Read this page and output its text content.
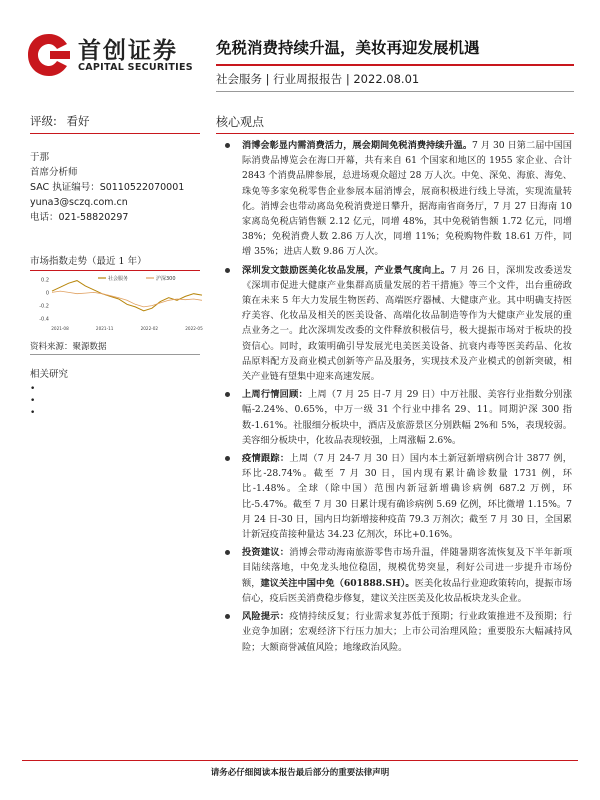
首创证券
CAPITAL SECURITIES
免税消费持续升温，美妆再迎发展机遇
社会服务 | 行业周报报告 | 2022.08.01
评级: 看好
于那
首席分析师
SAC 执证编号：S0110522070001
yuna3@sczq.com.cn
电话：021-58820297
市场指数走势（最近 1 年）
0.2
0
-0.2
-0.4
2021-08	2021-11	2022-02	2022-05
社会服务	沪深300
资料来源：聚源数据
相关研究
•
•
•
核心观点
消博会彰显内需消费活力，展会期间免税消费持续升温。7 月 30 日第二届中国国际消费品博览会在海口开幕，共有来自 61 个国家和地区的 1955 家企业、合计 2843 个消费品牌参展，总进场观众超过 28 万人次。中免、深免、海旅、海免、珠免等多家免税零售企业参展本届消博会，展商积极进行线上导流，实现流量转化。消博会也带动离岛免税消费逆日攀升，据海南省商务厅，7 月 27 日海南 10 家离岛免税店销售额 2.12 亿元，同增 48%，其中免税销售额 1.72 亿元，同增 38%；免税消费人数 2.86 万人次，同增 11%；免税购物件数 18.61 万件，同增 35%；进店人数 9.86 万人次。
深圳发文鼓励医美化妆品发展，产业景气度向上。7 月 26 日，深圳发改委送发《深圳市促进大健康产业集群高质量发展的若干措施》等三个文件，出台重磅政策在未来 5 年大力发展生物医药、高端医疗器械、大健康产业。其中明确支持医疗美容、化妆品及相关的医美设备、高端化妆品制造等作为大健康产业发展的重点业务之一。此次深圳发改委的文件释放积极信号，极大提振市场对于板块的投资信心。同时，政策明确引导发展光电美医美设备、抗衰内毒等医美药品、化妆品原料配方及商业模式创新等产品及服务，实现技术及产业模式的创新突破，相关产业链有望集中迎来高速发展。
上周行情回顾：上周（7 月 25 日-7 月 29 日）中万社服、美容行业指数分别涨幅-2.24%、0.65%，中万一级 31 个行业中排名 29、11。同期沪深 300 指数-1.61%。社服细分板块中，酒店及旅游景区分别跌幅 2%和 5%，表现较弱。美容细分板块中，化妆品表现较强，上周涨幅 2.6%。
疫情跟踪：上周（7 月 24-7 月 30 日）国内本土新冠新增病例合计 3877 例，环比-28.74%。截至 7 月 30 日，国内现有累计确诊数量 1731 例，环比-1.48%。全球（除中国）范围内新冠新增确诊病例 687.2 万例，环比-5.47%。截至 7 月 30 日累计现有确诊病例 5.69 亿例，环比微增 1.15%。7 月 24 日-30 日，国内日均新增接种疫苗 79.3 万剂次；截至 7 月 30 日，全国累计新冠疫苗接种量达 34.23 亿剂次，环比+0.16%。
投资建议：消博会带动海南旅游零售市场升温，伴随暑期客流恢复及下半年新项目陆续落地，中免龙头地位稳固，规模优势突显，利好公司进一步提升市场份额，建议关注中国中免（601888.SH）。医美化妆品行业迎政策转向，提振市场信心，疫后医美消费稳步修复，建议关注医美及化妆品板块龙头企业。
风险提示：疫情持续反复；行业需求复苏低于预期；行业政策推进不及预期；行业竞争加剧；宏观经济下行压力加大；上市公司治理风险；重要股东大幅减持风险；大额商誉减值风险；地缘政治风险。
请务必仔细阅读本报告最后部分的重要法律声明
